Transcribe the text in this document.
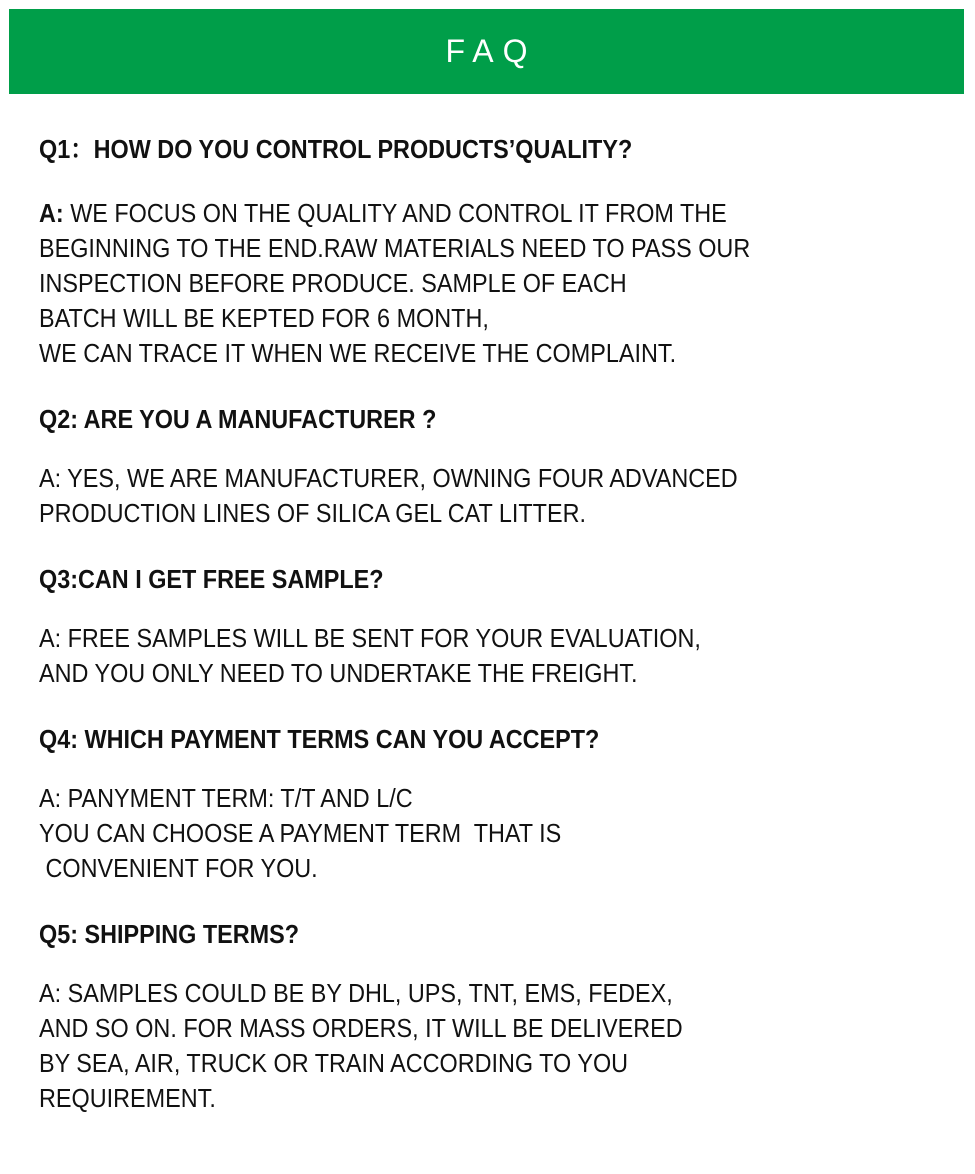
FAQ
Q1：HOW DO YOU CONTROL PRODUCTS’QUALITY?
A: WE FOCUS ON THE QUALITY AND CONTROL IT FROM THE
BEGINNING TO THE END.RAW MATERIALS NEED TO PASS OUR
INSPECTION BEFORE PRODUCE. SAMPLE OF EACH
BATCH WILL BE KEPTED FOR 6 MONTH,
WE CAN TRACE IT WHEN WE RECEIVE THE COMPLAINT.
Q2: ARE YOU A MANUFACTURER ?
A: YES, WE ARE MANUFACTURER, OWNING FOUR ADVANCED
PRODUCTION LINES OF SILICA GEL CAT LITTER.
Q3:CAN I GET FREE SAMPLE?
A: FREE SAMPLES WILL BE SENT FOR YOUR EVALUATION,
AND YOU ONLY NEED TO UNDERTAKE THE FREIGHT.
Q4: WHICH PAYMENT TERMS CAN YOU ACCEPT?
A: PANYMENT TERM: T/T AND L/C
YOU CAN CHOOSE A PAYMENT TERM  THAT IS
CONVENIENT FOR YOU.
Q5: SHIPPING TERMS?
A: SAMPLES COULD BE BY DHL, UPS, TNT, EMS, FEDEX,
AND SO ON. FOR MASS ORDERS, IT WILL BE DELIVERED
BY SEA, AIR, TRUCK OR TRAIN ACCORDING TO YOU
REQUIREMENT.
